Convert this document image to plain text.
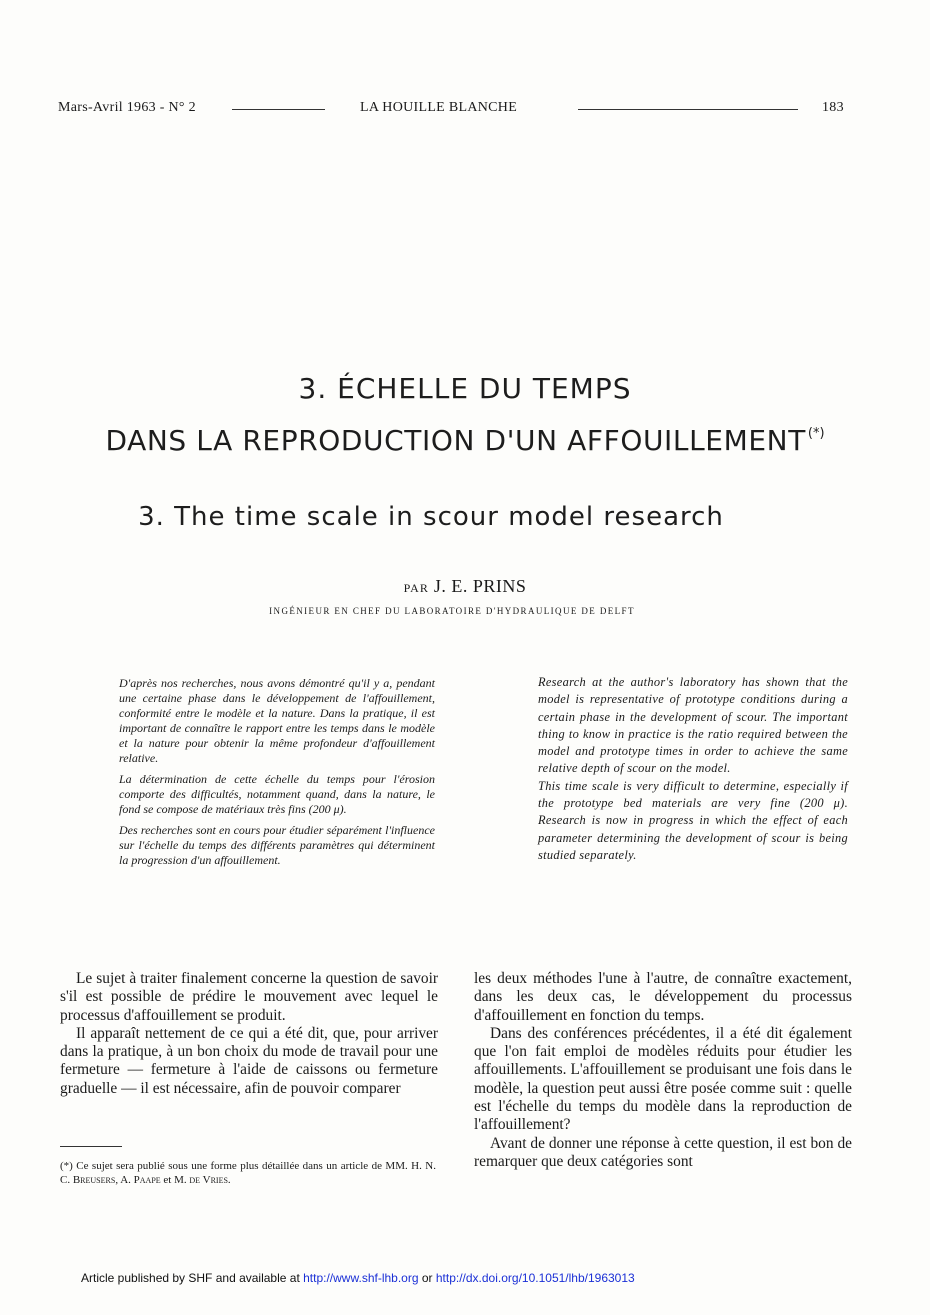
Mars-Avril 1963 - N° 2	LA HOUILLE BLANCHE	183
3. ÉCHELLE DU TEMPS
DANS LA REPRODUCTION D'UN AFFOUILLEMENT (*)
3. The time scale in scour model research
PAR J. E. PRINS
INGÉNIEUR EN CHEF DU LABORATOIRE D'HYDRAULIQUE DE DELFT

D'après nos recherches, nous avons démontré qu'il y a, pendant une certaine phase dans le développement de l'affouillement, conformité entre le modèle et la nature. Dans la pratique, il est important de connaître le rapport entre les temps dans le modèle et la nature pour obtenir la même profondeur d'affouillement relative.

La détermination de cette échelle du temps pour l'érosion comporte des difficultés, notamment quand, dans la nature, le fond se compose de matériaux très fins (200 μ).

Des recherches sont en cours pour étudier séparément l'influence sur l'échelle du temps des différents paramètres qui déterminent la progression d'un affouillement.

Research at the author's laboratory has shown that the model is representative of prototype conditions during a certain phase in the development of scour. The important thing to know in practice is the ratio required between the model and prototype times in order to achieve the same relative depth of scour on the model.

This time scale is very difficult to determine, especially if the prototype bed materials are very fine (200 μ). Research is now in progress in which the effect of each parameter determining the development of scour is being studied separately.

Le sujet à traiter finalement concerne la question de savoir s'il est possible de prédire le mouvement avec lequel le processus d'affouillement se produit.

Il apparaît nettement de ce qui a été dit, que, pour arriver dans la pratique, à un bon choix du mode de travail pour une fermeture — fermeture à l'aide de caissons ou fermeture graduelle — il est nécessaire, afin de pouvoir comparer

les deux méthodes l'une à l'autre, de connaître exactement, dans les deux cas, le développement du processus d'affouillement en fonction du temps.

Dans des conférences précédentes, il a été dit également que l'on fait emploi de modèles réduits pour étudier les affouillements. L'affouillement se produisant une fois dans le modèle, la question peut aussi être posée comme suit : quelle est l'échelle du temps du modèle dans la reproduction de l'affouillement?

Avant de donner une réponse à cette question, il est bon de remarquer que deux catégories sont

(*) Ce sujet sera publié sous une forme plus détaillée dans un article de MM. H. N. C. Breusers, A. Paape et M. de Vries.
Article published by SHF and available at http://www.shf-lhb.org or http://dx.doi.org/10.1051/lhb/1963013
